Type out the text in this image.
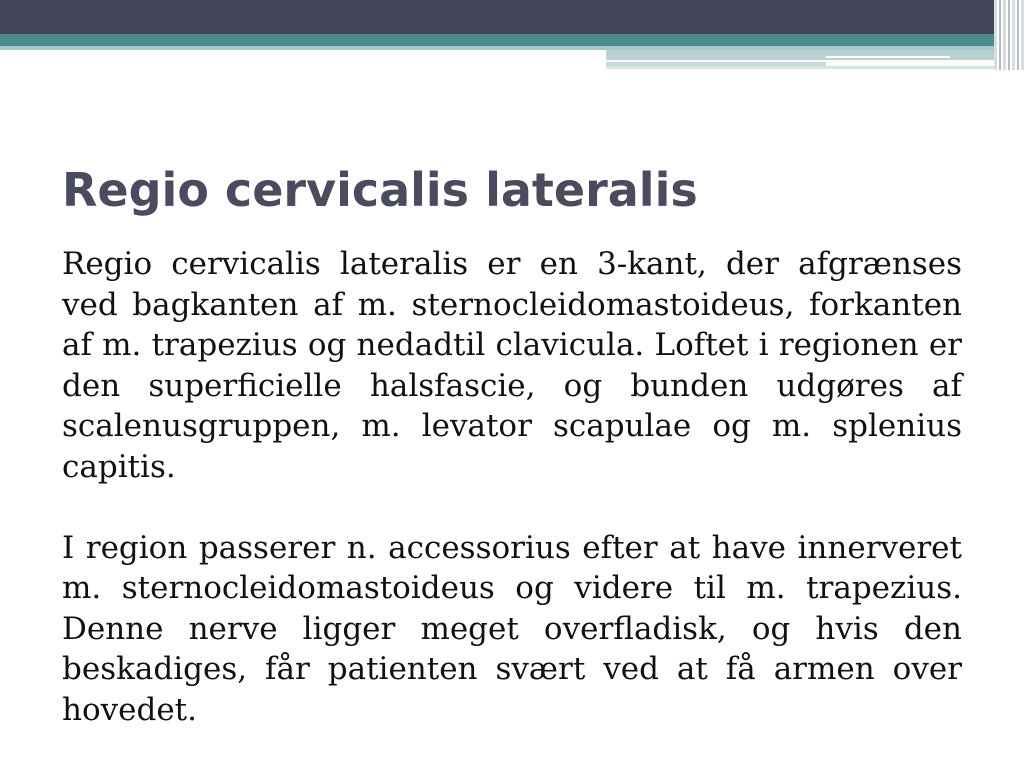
Regio cervicalis lateralis

Regio cervicalis lateralis er en 3-kant, der afgrænses ved bagkanten af m. sternocleidomastoideus, forkanten af m. trapezius og nedadtil clavicula. Loftet i regionen er den superficielle halsfascie, og bunden udgøres af scalenusgruppen, m. levator scapulae og m. splenius capitis.

I region passerer n. accessorius efter at have innerveret m. sternocleidomastoideus og videre til m. trapezius. Denne nerve ligger meget overfladisk, og hvis den beskadiges, får patienten svært ved at få armen over hovedet.
